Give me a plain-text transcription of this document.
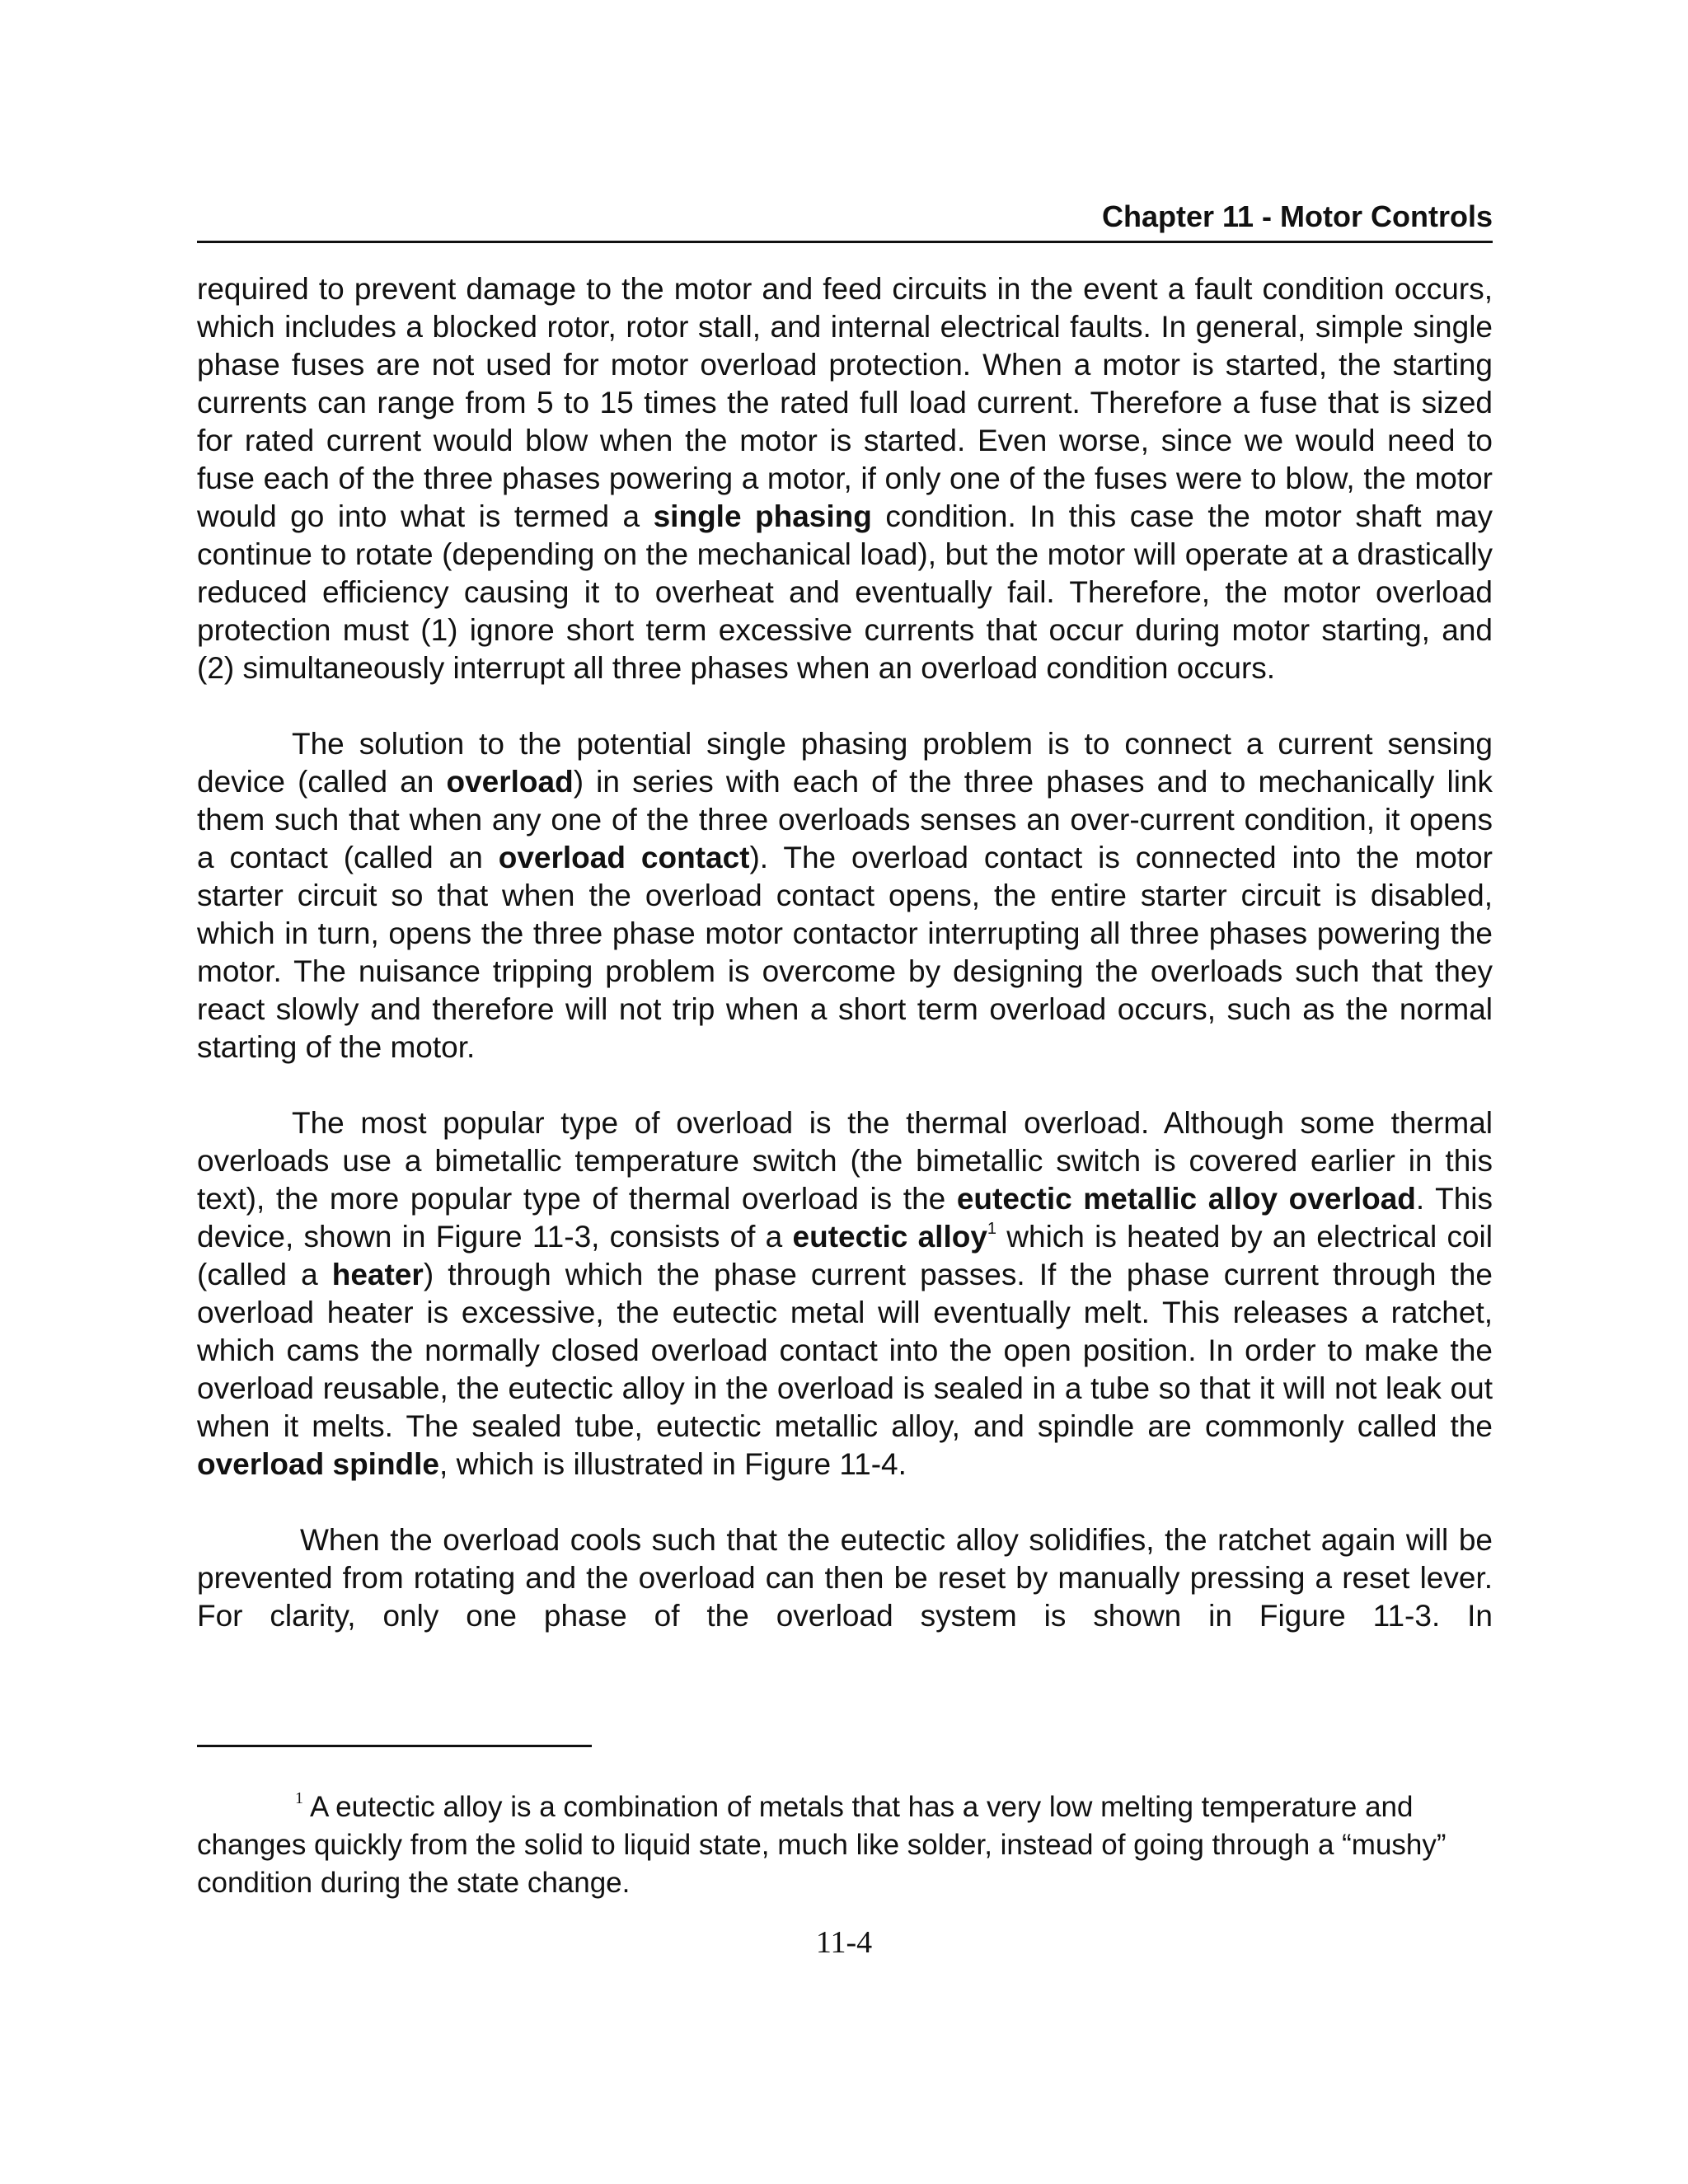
Chapter 11 - Motor Controls

required to prevent damage to the motor and feed circuits in the event a fault condition occurs, which includes a blocked rotor, rotor stall, and internal electrical faults. In general, simple single phase fuses are not used for motor overload protection. When a motor is started, the starting currents can range from 5 to 15 times the rated full load current. Therefore a fuse that is sized for rated current would blow when the motor is started. Even worse, since we would need to fuse each of the three phases powering a motor, if only one of the fuses were to blow, the motor would go into what is termed a single phasing condition. In this case the motor shaft may continue to rotate (depending on the mechanical load), but the motor will operate at a drastically reduced efficiency causing it to overheat and eventually fail. Therefore, the motor overload protection must (1) ignore short term excessive currents that occur during motor starting, and (2) simultaneously interrupt all three phases when an overload condition occurs.

The solution to the potential single phasing problem is to connect a current sensing device (called an overload) in series with each of the three phases and to mechanically link them such that when any one of the three overloads senses an over-current condition, it opens a contact (called an overload contact). The overload contact is connected into the motor starter circuit so that when the overload contact opens, the entire starter circuit is disabled, which in turn, opens the three phase motor contactor interrupting all three phases powering the motor. The nuisance tripping problem is overcome by designing the overloads such that they react slowly and therefore will not trip when a short term overload occurs, such as the normal starting of the motor.

The most popular type of overload is the thermal overload. Although some thermal overloads use a bimetallic temperature switch (the bimetallic switch is covered earlier in this text), the more popular type of thermal overload is the eutectic metallic alloy overload. This device, shown in Figure 11-3, consists of a eutectic alloy$^1$ which is heated by an electrical coil (called a heater) through which the phase current passes. If the phase current through the overload heater is excessive, the eutectic metal will eventually melt. This releases a ratchet, which cams the normally closed overload contact into the open position. In order to make the overload reusable, the eutectic alloy in the overload is sealed in a tube so that it will not leak out when it melts. The sealed tube, eutectic metallic alloy, and spindle are commonly called the overload spindle, which is illustrated in Figure 11-4.

When the overload cools such that the eutectic alloy solidifies, the ratchet again will be prevented from rotating and the overload can then be reset by manually pressing a reset lever. For clarity, only one phase of the overload system is shown in Figure 11-3. In

$^1$ A eutectic alloy is a combination of metals that has a very low melting temperature and changes quickly from the solid to liquid state, much like solder, instead of going through a “mushy” condition during the state change.

11-4
